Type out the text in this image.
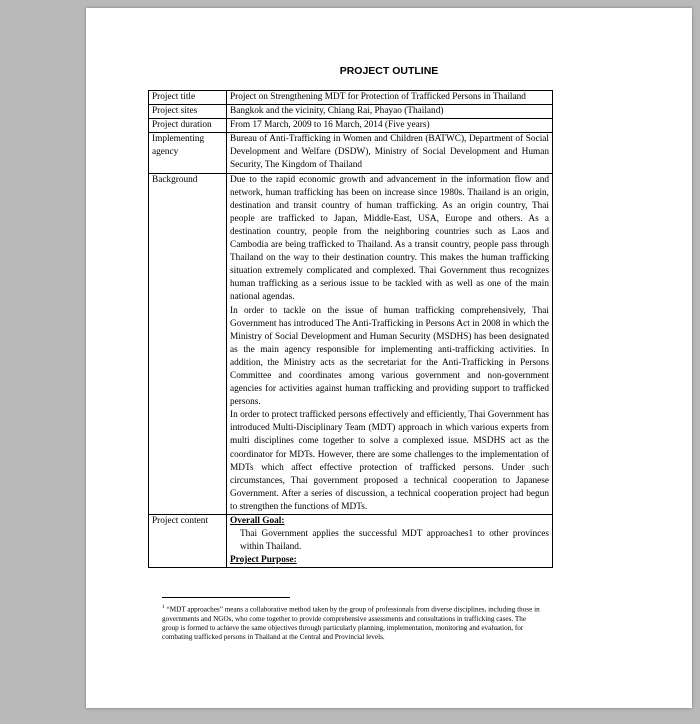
PROJECT OUTLINE
Project title	Project on Strengthening MDT for Protection of Trafficked Persons in Thailand
Project sites	Bangkok and the vicinity, Chiang Rai, Phayao (Thailand)
Project duration	From 17 March, 2009 to 16 March, 2014 (Five years)
Implementing agency	Bureau of Anti-Trafficking in Women and Children (BATWC), Department of Social Development and Welfare (DSDW), Ministry of Social Development and Human Security, The Kingdom of Thailand
Background	Due to the rapid economic growth and advancement in the information flow and network, human trafficking has been on increase since 1980s. Thailand is an origin, destination and transit country of human trafficking. As an origin country, Thai people are trafficked to Japan, Middle-East, USA, Europe and others. As a destination country, people from the neighboring countries such as Laos and Cambodia are being trafficked to Thailand. As a transit country, people pass through Thailand on the way to their destination country. This makes the human trafficking situation extremely complicated and complexed. Thai Government thus recognizes human trafficking as a serious issue to be tackled with as well as one of the main national agendas.
In order to tackle on the issue of human trafficking comprehensively, Thai Government has introduced The Anti-Trafficking in Persons Act in 2008 in which the Ministry of Social Development and Human Security (MSDHS) has been designated as the main agency responsible for implementing anti-trafficking activities. In addition, the Ministry acts as the secretariat for the Anti-Trafficking in Persons Committee and coordinates among various government and non-government agencies for activities against human trafficking and providing support to trafficked persons.
In order to protect trafficked persons effectively and efficiently, Thai Government has introduced Multi-Disciplinary Team (MDT) approach in which various experts from multi disciplines come together to solve a complexed issue. MSDHS act as the coordinator for MDTs. However, there are some challenges to the implementation of MDTs which affect effective protection of trafficked persons. Under such circumstances, Thai government proposed a technical cooperation to Japanese Government. After a series of discussion, a technical cooperation project had begun to strengthen the functions of MDTs.

Project content	Overall Goal:
Thai Government applies the successful MDT approaches1 to other provinces within Thailand.
Project Purpose:
$^1$ “MDT approaches” means a collaborative method taken by the group of professionals from diverse disciplines, including those in governments and NGOs, who come together to provide comprehensive assessments and consultations in trafficking cases. The group is formed to achieve the same objectives through particularly planning, implementation, monitoring and evaluation, for combating trafficked persons in Thailand at the Central and Provincial levels.
